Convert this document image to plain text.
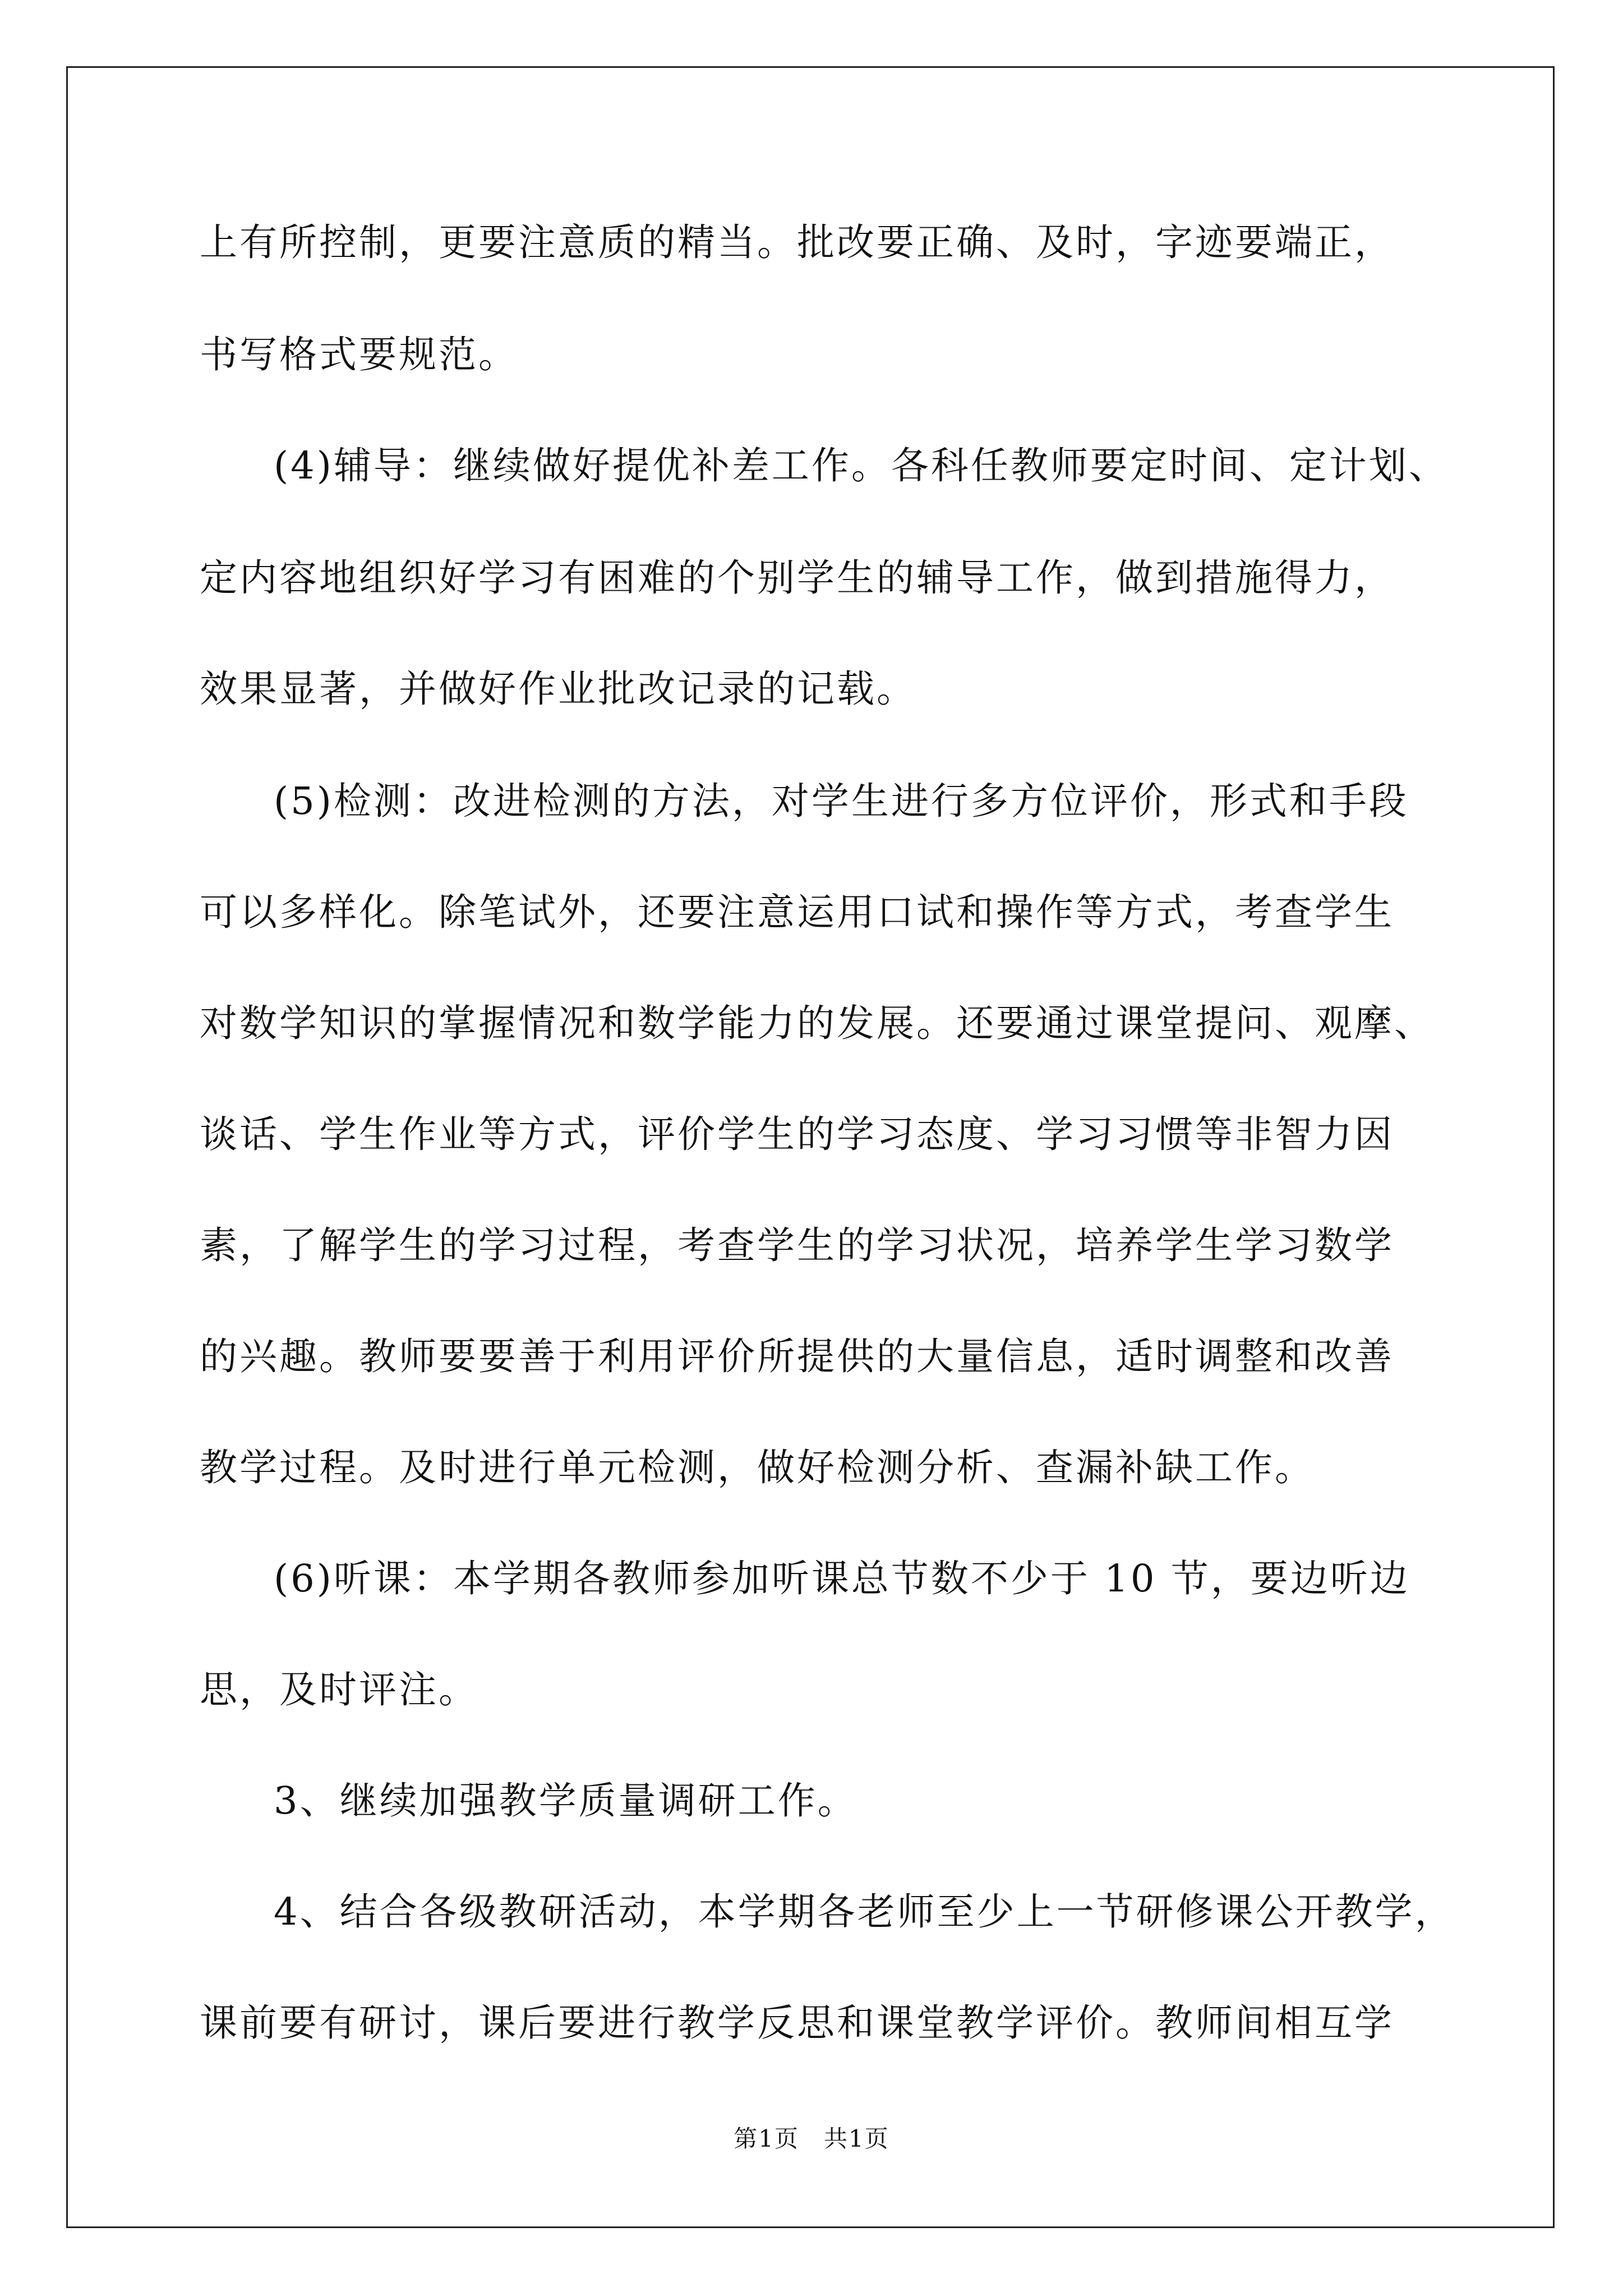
上有所控制，更要注意质的精当。批改要正确、及时，字迹要端正，
书写格式要规范。
(4)辅导：继续做好提优补差工作。各科任教师要定时间、定计划、
定内容地组织好学习有困难的个别学生的辅导工作，做到措施得力，
效果显著，并做好作业批改记录的记载。
(5)检测：改进检测的方法，对学生进行多方位评价，形式和手段
可以多样化。除笔试外，还要注意运用口试和操作等方式，考查学生
对数学知识的掌握情况和数学能力的发展。还要通过课堂提问、观摩、
谈话、学生作业等方式，评价学生的学习态度、学习习惯等非智力因
素，了解学生的学习过程，考查学生的学习状况，培养学生学习数学
的兴趣。教师要要善于利用评价所提供的大量信息，适时调整和改善
教学过程。及时进行单元检测，做好检测分析、查漏补缺工作。
(6)听课：本学期各教师参加听课总节数不少于 10 节，要边听边
思，及时评注。
3、继续加强教学质量调研工作。
4、结合各级教研活动，本学期各老师至少上一节研修课公开教学，
课前要有研讨，课后要进行教学反思和课堂教学评价。教师间相互学
第1页　共1页
